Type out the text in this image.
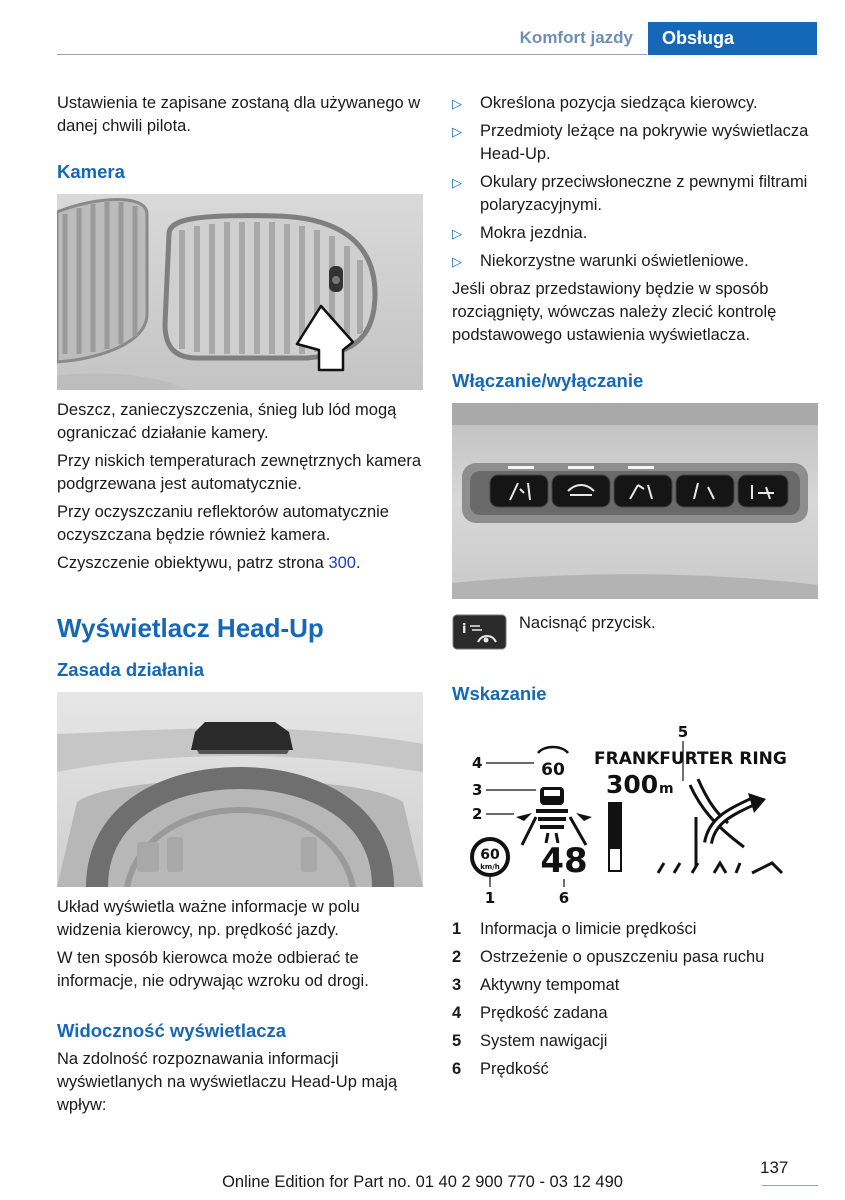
Komfort jazdy	Obsługa

Ustawienia te zapisane zostaną dla używanego w danej chwili pilota.

Kamera

Deszcz, zanieczyszczenia, śnieg lub lód mogą ograniczać działanie kamery.

Przy niskich temperaturach zewnętrznych kamera podgrzewana jest automatycznie.

Przy oczyszczaniu reflektorów automatycznie oczyszczana będzie również kamera.

Czyszczenie obiektywu, patrz strona 300.

Wyświetlacz Head-Up
Zasada działania

Układ wyświetla ważne informacje w polu widzenia kierowcy, np. prędkość jazdy.

W ten sposób kierowca może odbierać te informacje, nie odrywając wzroku od drogi.

Widoczność wyświetlacza

Na zdolność rozpoznawania informacji wyświetlanych na wyświetlaczu Head-Up mają wpływ:

▷ Określona pozycja siedząca kierowcy.
▷ Przedmioty leżące na pokrywie wyświetlacza Head-Up.
▷ Okulary przeciwsłoneczne z pewnymi filtrami polaryzacyjnymi.
▷ Mokra jezdnia.
▷ Niekorzystne warunki oświetleniowe.

Jeśli obraz przedstawiony będzie w sposób rozciągnięty, wówczas należy zlecić kontrolę podstawowego ustawienia wyświetlacza.

Włączanie/wyłączanie
i	Nacisnąć przycisk.
Wskazanie
5
4
3
2
1	6
60
60
km/h 48
FRANKFURTER RING
300 m
1 Informacja o limicie prędkości
2 Ostrzeżenie o opuszczeniu pasa ruchu
3 Aktywny tempomat
4 Prędkość zadana
5 System nawigacji
6 Prędkość
137
Online Edition for Part no. 01 40 2 900 770 - 03 12 490
